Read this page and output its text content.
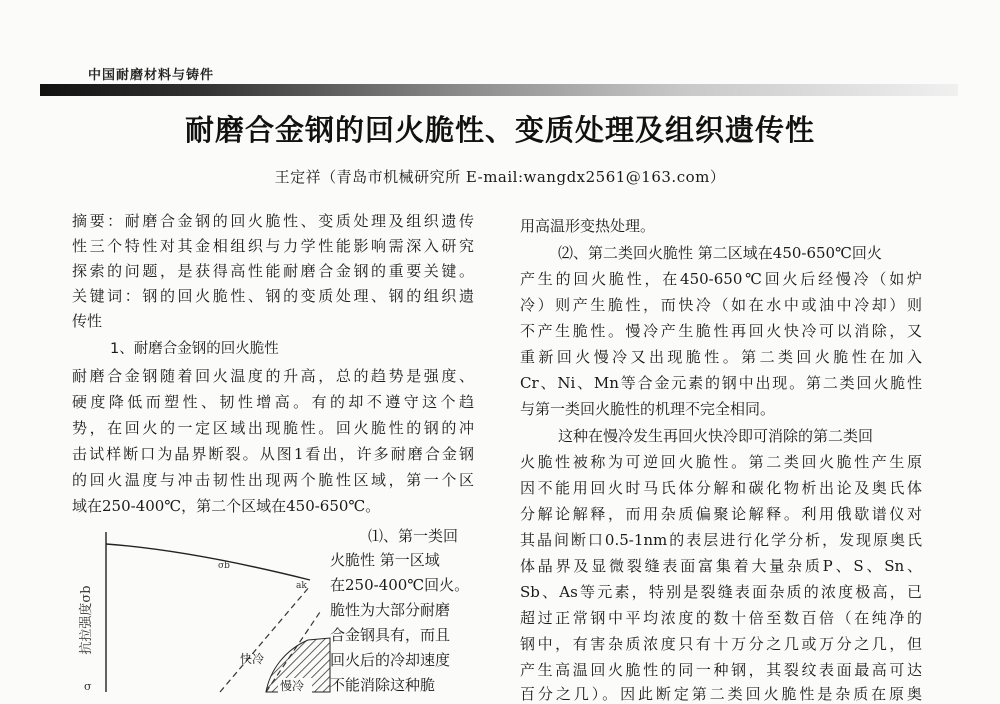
中国耐磨材料与铸件
耐磨合金钢的回火脆性、变质处理及组织遗传性
王定祥（青岛市机械研究所 E-mail:wangdx2561@163.com）
摘要：耐磨合金钢的回火脆性、变质处理及组织遗传
性三个特性对其金相组织与力学性能影响需深入研究
探索的问题，是获得高性能耐磨合金钢的重要关键。
关键词：钢的回火脆性、钢的变质处理、钢的组织遗
传性
1、耐磨合金钢的回火脆性
耐磨合金钢随着回火温度的升高，总的趋势是强度、
硬度降低而塑性、韧性增高。有的却不遵守这个趋
势，在回火的一定区域出现脆性。回火脆性的钢的冲
击试样断口为晶界断裂。从图1看出，许多耐磨合金钢
的回火温度与冲击韧性出现两个脆性区域，第一个区
域在250-400℃，第二个区域在450-650℃。
⑴、第一类回
火脆性 第一区域
在250-400℃回火。
脆性为大部分耐磨
合金钢具有，而且
回火后的冷却速度
不能消除这种脆
抗拉强度σb
σ
σb
ak
快冷
慢冷
用高温形变热处理。
⑵、第二类回火脆性 第二区域在450-650℃回火
产生的回火脆性，在450-650℃回火后经慢冷（如炉
冷）则产生脆性，而快冷（如在水中或油中冷却）则
不产生脆性。慢冷产生脆性再回火快冷可以消除，又
重新回火慢冷又出现脆性。第二类回火脆性在加入
Cr、Ni、Mn等合金元素的钢中出现。第二类回火脆性
与第一类回火脆性的机理不完全相同。
这种在慢冷发生再回火快冷即可消除的第二类回
火脆性被称为可逆回火脆性。第二类回火脆性产生原
因不能用回火时马氏体分解和碳化物析出论及奥氏体
分解论解释，而用杂质偏聚论解释。利用俄歇谱仪对
其晶间断口0.5-1nm的表层进行化学分析，发现原奥氏
体晶界及显微裂缝表面富集着大量杂质P、S、Sn、
Sb、As等元素，特别是裂缝表面杂质的浓度极高，已
超过正常钢中平均浓度的数十倍至数百倍（在纯净的
钢中，有害杂质浓度只有十万分之几或万分之几，但
产生高温回火脆性的同一种钢，其裂纹表面最高可达
百分之几）。因此断定第二类回火脆性是杂质在原奥
